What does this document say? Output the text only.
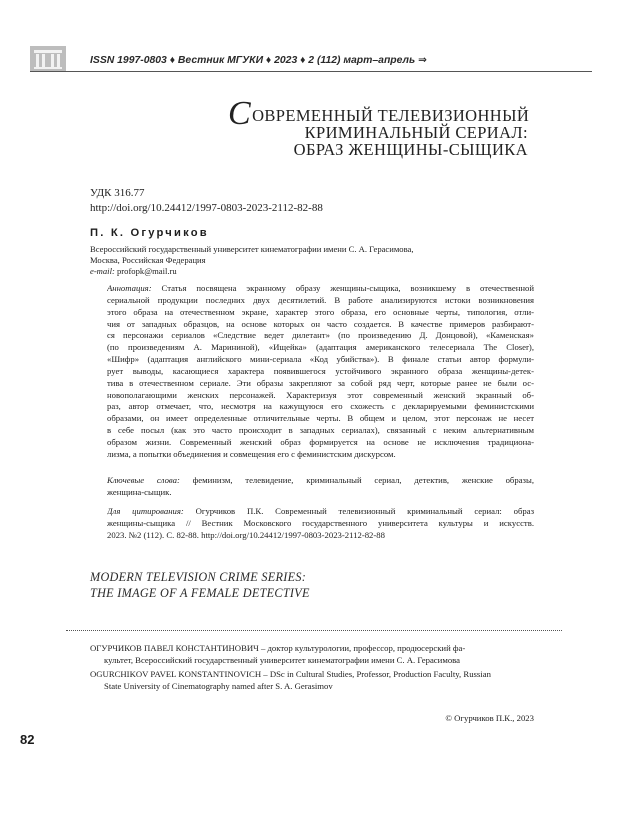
ISSN 1997-0803 ♦ Вестник МГУКИ ♦ 2023 ♦ 2 (112) март–апрель ⇒
СОВРЕМЕННЫЙ ТЕЛЕВИЗИОННЫЙ
КРИМИНАЛЬНЫЙ СЕРИАЛ:
ОБРАЗ ЖЕНЩИНЫ-СЫЩИКА
УДК 316.77
http://doi.org/10.24412/1997-0803-2023-2112-82-88
П. К. Огурчиков
Всероссийский государственный университет кинематографии имени С. А. Герасимова,
Москва, Российская Федерация
e-mail: profopk@mail.ru
Аннотация: Статья посвящена экранному образу женщины-сыщика, возникшему в отечественной
сериальной продукции последних двух десятилетий. В работе анализируются истоки возникновения
этого образа на отечественном экране, характер этого образа, его основные черты, типология, отли-
чия от западных образцов, на основе которых он часто создается. В качестве примеров разбирают-
ся персонажи сериалов «Следствие ведет дилетант» (по произведению Д. Донцовой), «Каменская»
(по произведениям А. Марининой), «Ищейка» (адаптация американского телесериала The Closer),
«Шифр» (адаптация английского мини-сериала «Код убийства»). В финале статьи автор формули-
рует выводы, касающиеся характера появившегося устойчивого экранного образа женщины-детек-
тива в отечественном сериале. Эти образы закрепляют за собой ряд черт, которые ранее не были ос-
новополагающими женских персонажей. Характеризуя этот современный женский экранный об-
раз, автор отмечает, что, несмотря на кажущуюся его схожесть с декларируемыми феминистскими
образами, он имеет определенные отличительные черты. В общем и целом, этот персонаж не несет
в себе посыл (как это часто происходит в западных сериалах), связанный с неким альтернативным
образом жизни. Современный женский образ формируется на основе не исключения традициона-
лизма, а попытки объединения и совмещения его с феминистским дискурсом.
Ключевые слова: феминизм, телевидение, криминальный сериал, детектив, женские образы,
женщина-сыщик.
Для цитирования: Огурчиков П.К. Современный телевизионный криминальный сериал: образ
женщины-сыщика // Вестник Московского государственного университета культуры и искусств.
2023. №2 (112). С. 82-88. http://doi.org/10.24412/1997-0803-2023-2112-82-88
MODERN TELEVISION CRIME SERIES:
THE IMAGE OF A FEMALE DETECTIVE
ОГУРЧИКОВ ПАВЕЛ КОНСТАНТИНОВИЧ – доктор культурологии, профессор, продюсерский фа-
культет, Всероссийский государственный университет кинематографии имени С. А. Герасимова
OGURCHIKOV PAVEL KONSTANTINOVICH – DSc in Cultural Studies, Professor, Production Faculty, Russian
State University of Cinematography named after S. A. Gerasimov
© Огурчиков П.К., 2023
82
